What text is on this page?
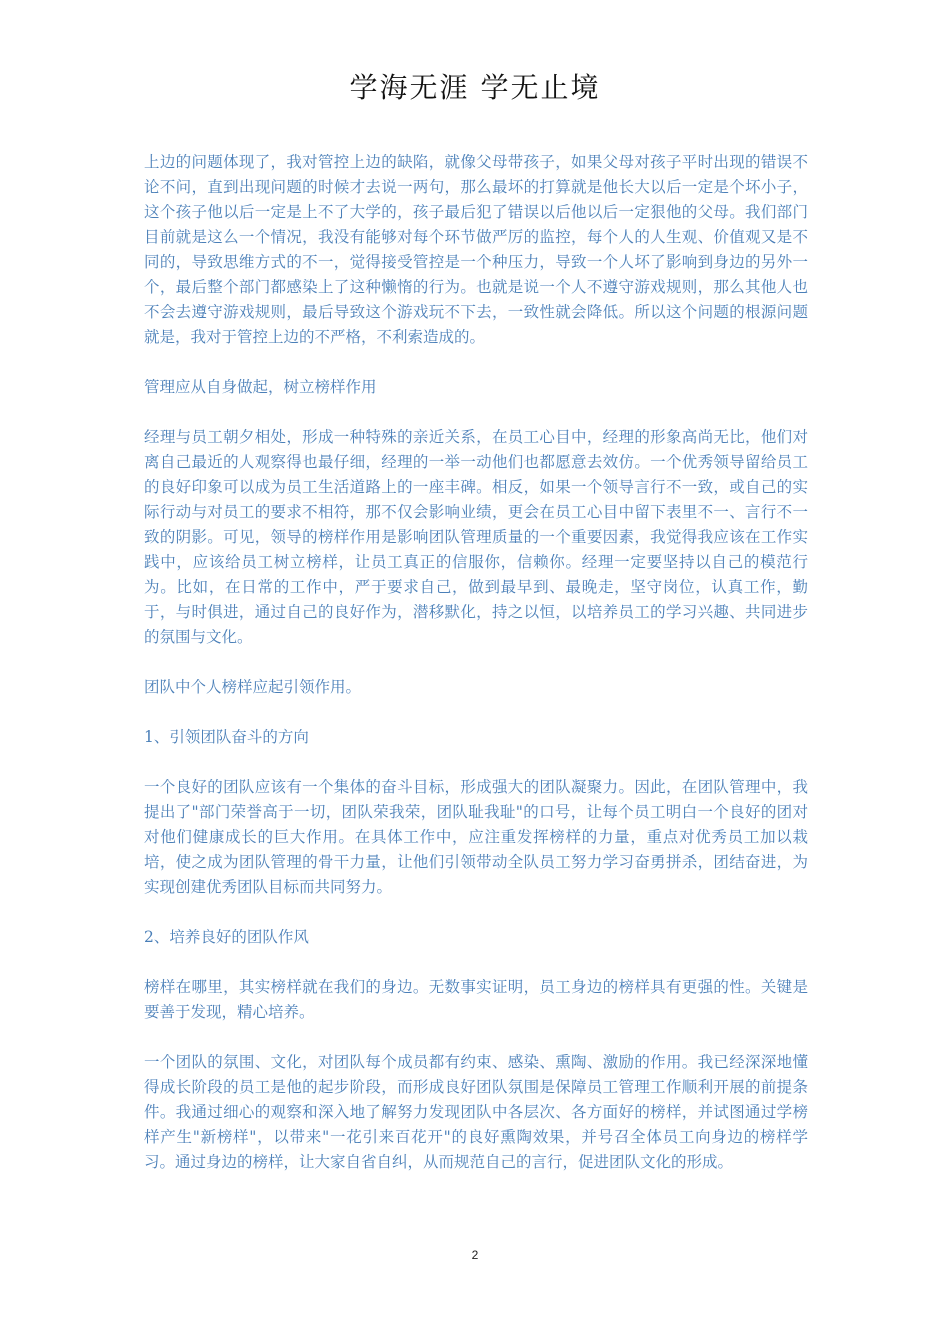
学海无涯 学无止境

上边的问题体现了，我对管控上边的缺陷，就像父母带孩子，如果父母对孩子平时出现的错误不论不问，直到出现问题的时候才去说一两句，那么最坏的打算就是他长大以后一定是个坏小子，这个孩子他以后一定是上不了大学的，孩子最后犯了错误以后他以后一定狠他的父母。我们部门目前就是这么一个情况，我没有能够对每个环节做严厉的监控，每个人的人生观、价值观又是不同的，导致思维方式的不一，觉得接受管控是一个种压力，导致一个人坏了影响到身边的另外一个，最后整个部门都感染上了这种懒惰的行为。也就是说一个人不遵守游戏规则，那么其他人也不会去遵守游戏规则，最后导致这个游戏玩不下去，一致性就会降低。所以这个问题的根源问题就是，我对于管控上边的不严格，不利索造成的。

管理应从自身做起，树立榜样作用

经理与员工朝夕相处，形成一种特殊的亲近关系，在员工心目中，经理的形象高尚无比，他们对离自己最近的人观察得也最仔细，经理的一举一动他们也都愿意去效仿。一个优秀领导留给员工的良好印象可以成为员工生活道路上的一座丰碑。相反，如果一个领导言行不一致，或自己的实际行动与对员工的要求不相符，那不仅会影响业绩，更会在员工心目中留下表里不一、言行不一致的阴影。可见，领导的榜样作用是影响团队管理质量的一个重要因素，我觉得我应该在工作实践中，应该给员工树立榜样，让员工真正的信服你，信赖你。经理一定要坚持以自己的模范行为。比如，在日常的工作中，严于要求自己，做到最早到、最晚走，坚守岗位，认真工作，勤于，与时俱进，通过自己的良好作为，潜移默化，持之以恒，以培养员工的学习兴趣、共同进步的氛围与文化。

团队中个人榜样应起引领作用。

1、引领团队奋斗的方向

一个良好的团队应该有一个集体的奋斗目标，形成强大的团队凝聚力。因此，在团队管理中，我提出了"部门荣誉高于一切，团队荣我荣，团队耻我耻"的口号，让每个员工明白一个良好的团对对他们健康成长的巨大作用。在具体工作中，应注重发挥榜样的力量，重点对优秀员工加以栽培，使之成为团队管理的骨干力量，让他们引领带动全队员工努力学习奋勇拼杀，团结奋进，为实现创建优秀团队目标而共同努力。

2、培养良好的团队作风

榜样在哪里，其实榜样就在我们的身边。无数事实证明，员工身边的榜样具有更强的性。关键是要善于发现，精心培养。

一个团队的氛围、文化，对团队每个成员都有约束、感染、熏陶、激励的作用。我已经深深地懂得成长阶段的员工是他的起步阶段，而形成良好团队氛围是保障员工管理工作顺利开展的前提条件。我通过细心的观察和深入地了解努力发现团队中各层次、各方面好的榜样，并试图通过学榜样产生"新榜样"，以带来"一花引来百花开"的良好熏陶效果，并号召全体员工向身边的榜样学习。通过身边的榜样，让大家自省自纠，从而规范自己的言行，促进团队文化的形成。

2
